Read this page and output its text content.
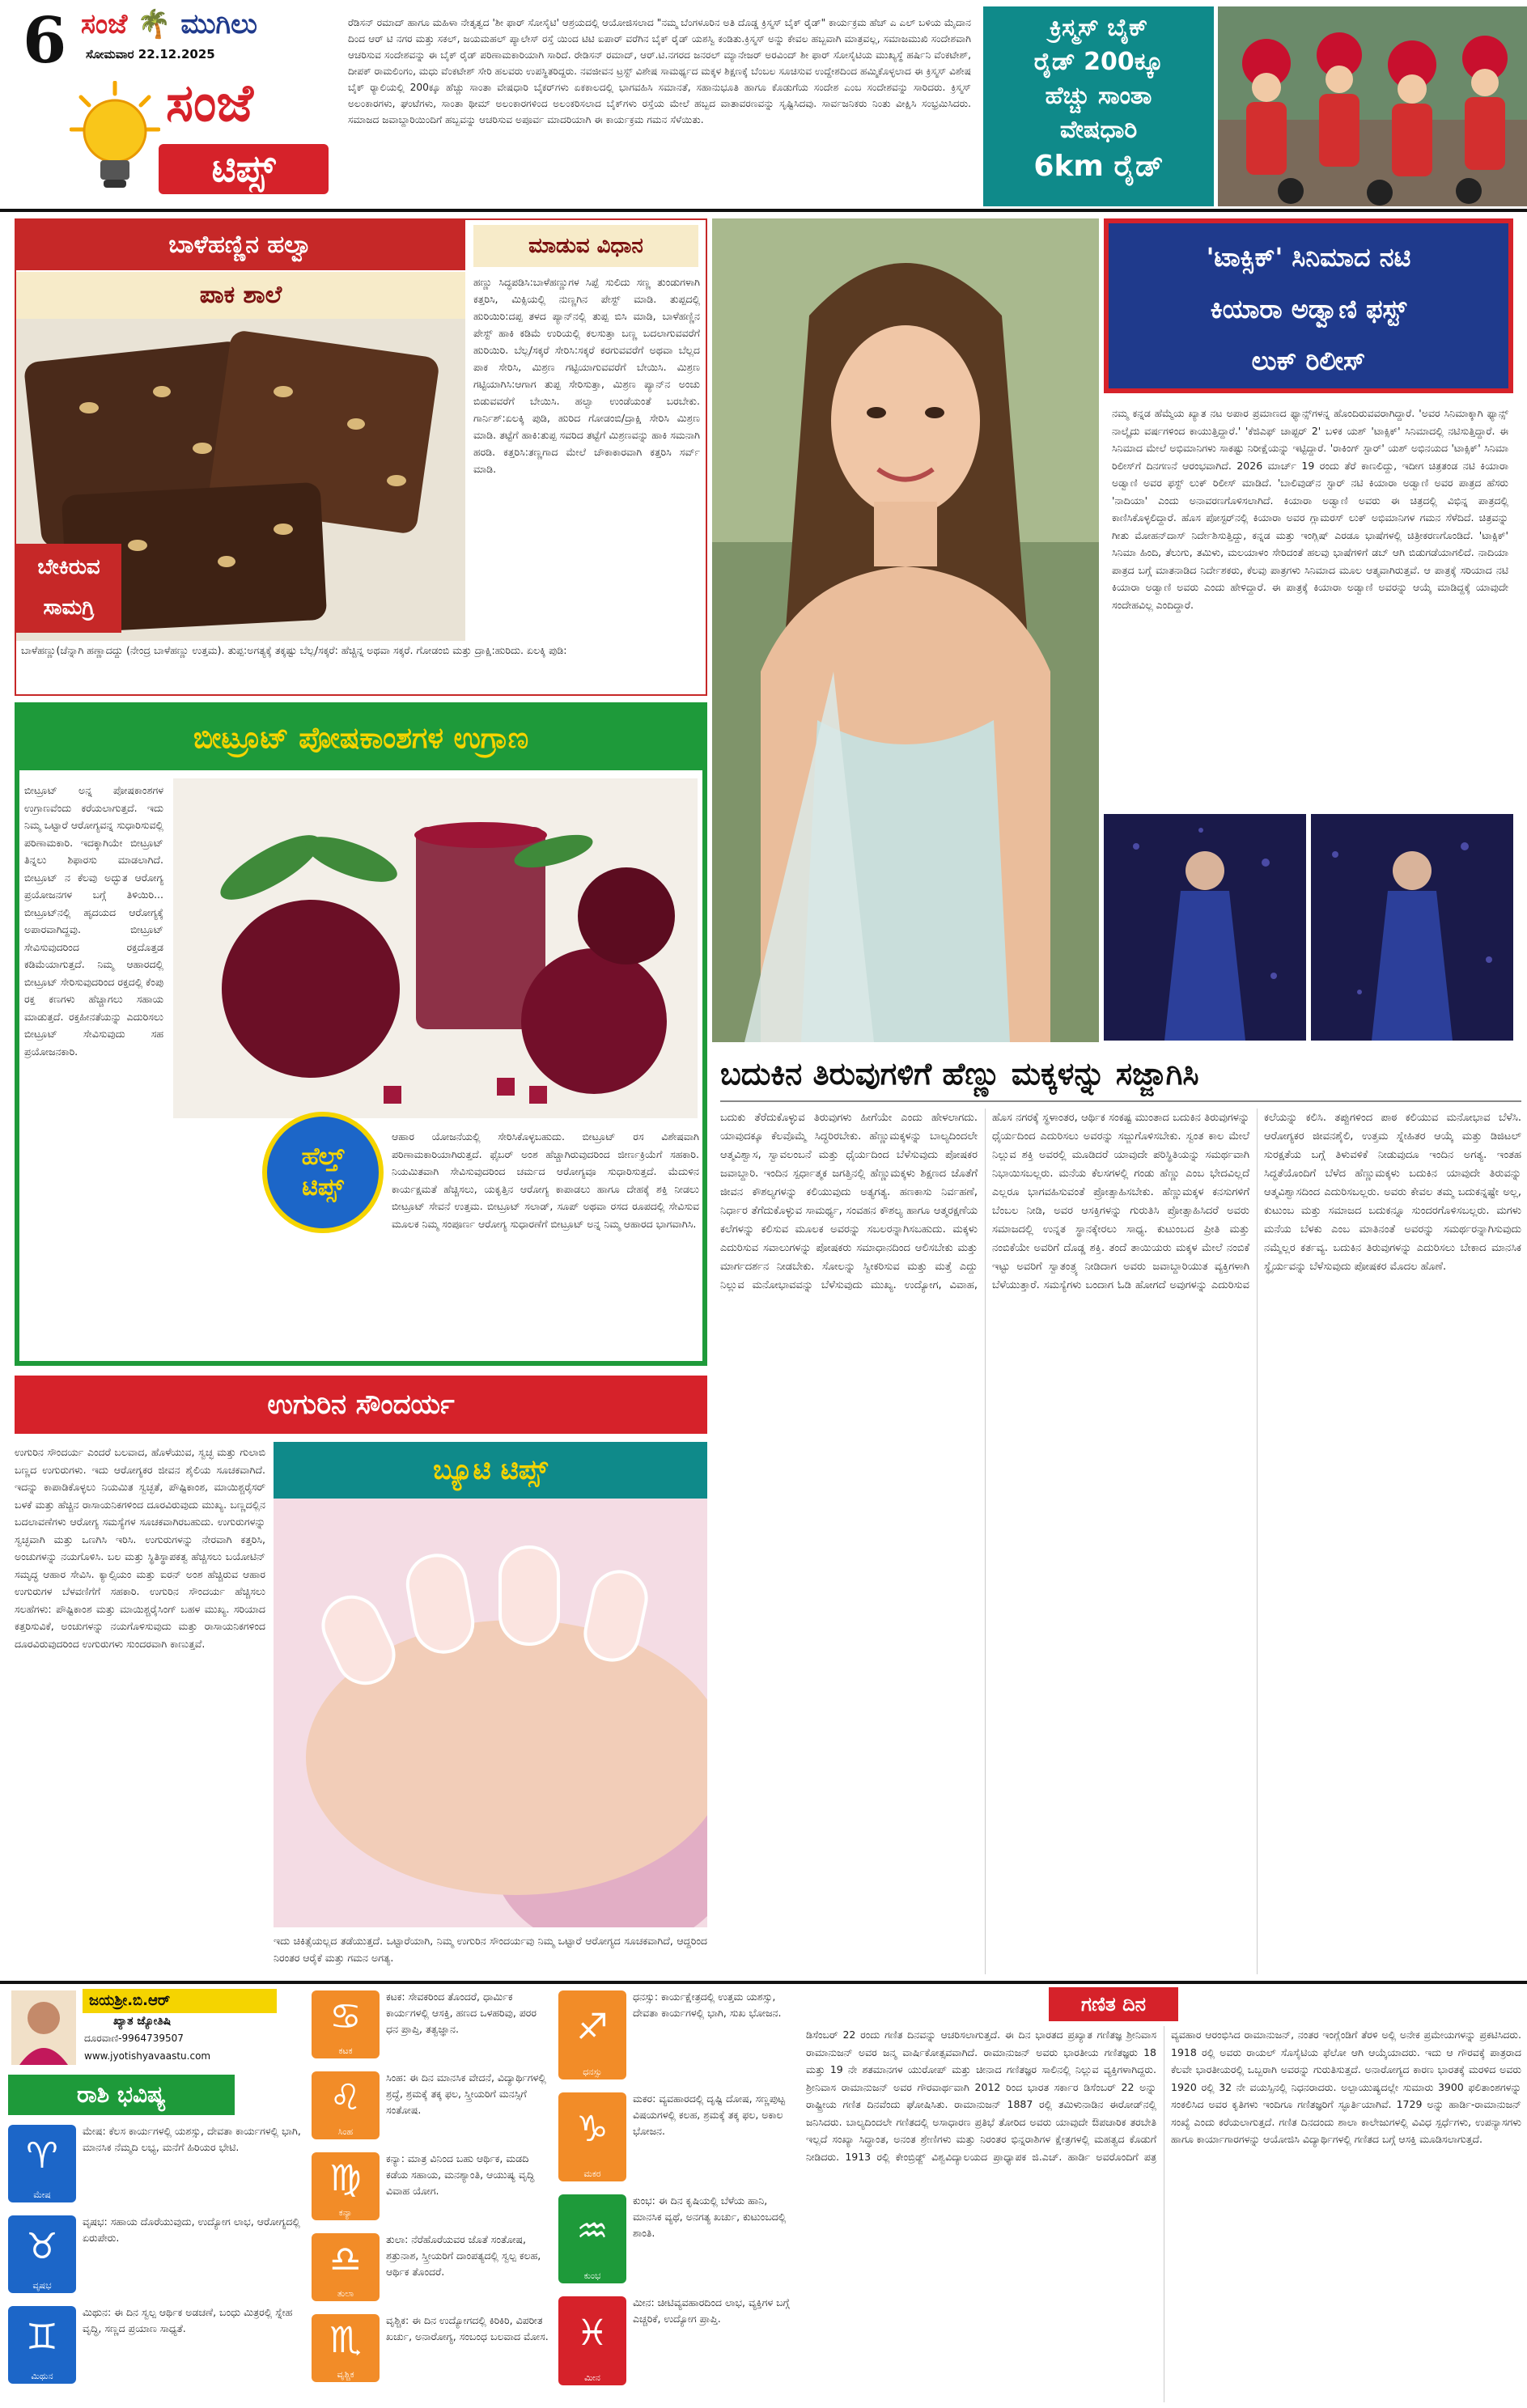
6 ಸಂಜೆ 🌴 ಮುಗಿಲು
ಸೋಮವಾರ 22.12.2025
ಸಂಜೆ
ಟಿಪ್ಸ್
ರೆಡಿಸನ್ ರಮಾದ್ ಹಾಗೂ ಮಹಿಳಾ ನೇತೃತ್ವದ 'ಶೀ ಫಾರ್ ಸೋಸೈಟಿ' ಆಶ್ರಯದಲ್ಲಿ ಆಯೋಜಿಸಲಾದ "ನಮ್ಮ ಬೆಂಗಳೂರಿನ ಅತಿ ದೊಡ್ಡ ಕ್ರಿಸ್ಮಸ್ ಬೈಕ್ ರೈಡ್" ಕಾರ್ಯಕ್ರಮ ಹೆಚ್ ಎ ಎಲ್ ಬಳಿಯ ಮೈದಾನ ದಿಂದ ಆರ್ ಟಿ ನಗರ ಮತ್ತು ಸಕಲ್, ಜಯಮಹಲ್ ಪ್ಯಾಲೇಸ್ ರಸ್ತೆ ಯಿಂದ ಟಿಟಿ ಐಪಾರ್ ವರೆಗಿನ ಬೈಕ್ ರೈಡ್ ಯಶಸ್ವಿ ಕಂಡಿತು.ಕ್ರಿಸ್ಮಸ್ ಅನ್ನು ಕೇವಲ ಹಬ್ಬವಾಗಿ ಮಾತ್ರವಲ್ಲ, ಸಮಾಜಮುಖಿ ಸಂದೇಶವಾಗಿ ಆಚರಿಸುವ ಸಂದೇಶವನ್ನು ಈ ಬೈಕ್ ರೈಡ್ ಪರಿಣಾಮಕಾರಿಯಾಗಿ ಸಾರಿದೆ. ರೇಡಿಸನ್ ರಮಾದ್, ಆರ್.ಟಿ.ನಗರದ ಜನರಲ್ ಮ್ಯಾನೇಜರ್ ಅರವಿಂದ್ ಶೀ ಫಾರ್ ಸೋಸೈಟಿಯ ಮುಖ್ಯಸ್ಥೆ ಹರ್ಷಿನಿ ವೆಂಕಟೇಶ್, ದೀಪಕ್ ರಾಮಲಿಂಗಂ, ಮಧು ವೆಂಕಟೇಶ್ ಸೇರಿ ಹಲವರು ಉಪಸ್ಥಿತರಿದ್ದರು. ನವಜೀವನ ಟ್ರಸ್ಟ್ ವಿಶೇಷ ಸಾಮರ್ಥ್ಯದ ಮಕ್ಕಳ ಶಿಕ್ಷಣಕ್ಕೆ ಬೆಂಬಲ ಸೂಚಿಸುವ ಉದ್ದೇಶದಿಂದ ಹಮ್ಮಿಕೊಳ್ಳಲಾದ ಈ ಕ್ರಿಸ್ಮಸ್ ವಿಶೇಷ ಬೈಕ್ ರ್‍ಯಾಲಿಯಲ್ಲಿ 200ಕ್ಕೂ ಹೆಚ್ಚು ಸಾಂತಾ ವೇಷಧಾರಿ ಬೈಕರ್‌ಗಳು ಏಕಕಾಲದಲ್ಲಿ ಭಾಗವಹಿಸಿ ಸಮಾನತೆ, ಸಹಾನುಭೂತಿ ಹಾಗೂ ಕೊಡುಗೆಯ ಸಂದೇಶ ಎಂಬ ಸಂದೇಶವನ್ನು ಸಾರಿದರು. ಕ್ರಿಸ್ಮಸ್ ಅಲಂಕಾರಗಳು, ಘಂಟೆಗಳು, ಸಾಂತಾ ಥೀಮ್ ಅಲಂಕಾರಗಳಿಂದ ಅಲಂಕರಿಸಲಾದ ಬೈಕ್‌ಗಳು ರಸ್ತೆಯ ಮೇಲೆ ಹಬ್ಬದ ವಾತಾವರಣವನ್ನು ಸೃಷ್ಟಿಸಿದವು. ಸಾರ್ವಜನಿಕರು ನಿಂತು ವೀಕ್ಷಿಸಿ ಸಂಭ್ರಮಿಸಿದರು. ಸಮಾಜದ ಜವಾಬ್ದಾರಿಯಿಂದಿಗೆ ಹಬ್ಬವನ್ನು ಆಚರಿಸುವ ಅಪೂರ್ವ ಮಾದರಿಯಾಗಿ ಈ ಕಾರ್ಯಕ್ರಮ ಗಮನ ಸೆಳೆಯಿತು.
ಕ್ರಿಸ್ಮಸ್ ಬೈಕ್
ರೈಡ್ 200ಕ್ಕೂ
ಹೆಚ್ಚು ಸಾಂತಾ
ವೇಷಧಾರಿ
6km ರೈಡ್
ಬಾಳೆಹಣ್ಣಿನ ಹಲ್ವಾ	ಮಾಡುವ ವಿಧಾನ
ಪಾಕ ಶಾಲೆ
ಬೇಕಿರುವ ಸಾಮಗ್ರಿ
ಬಾಳೆಹಣ್ಣು(ಚೆನ್ನಾಗಿ ಹಣ್ಣಾದದ್ದು (ನೇಂದ್ರ ಬಾಳೆಹಣ್ಣು ಉತ್ತಮ). ತುಪ್ಪ:ಅಗತ್ಯಕ್ಕೆ ತಕ್ಕಷ್ಟು ಬೆಲ್ಲ/ಸಕ್ಕರೆ: ಹೆಚ್ಚಿನ್ನ ಅಥವಾ ಸಕ್ಕರೆ. ಗೋಡಂಬಿ ಮತ್ತು ದ್ರಾಕ್ಷಿ:ಹುರಿದು. ಏಲಕ್ಕಿ ಪುಡಿ:
ಹಣ್ಣು ಸಿದ್ಧಪಡಿಸಿ:ಬಾಳೆಹಣ್ಣುಗಳ ಸಿಪ್ಪೆ ಸುಲಿದು ಸಣ್ಣ ತುಂಡುಗಳಾಗಿ ಕತ್ತರಿಸಿ, ಮಿಕ್ಸಿಯಲ್ಲಿ ನುಣ್ಣಗಿನ ಪೇಸ್ಟ್ ಮಾಡಿ. ತುಪ್ಪದಲ್ಲಿ ಹುರಿಯಿರಿ:ದಪ್ಪ ತಳದ ಪ್ಯಾನ್‌ನಲ್ಲಿ ತುಪ್ಪ ಬಿಸಿ ಮಾಡಿ, ಬಾಳೆಹಣ್ಣಿನ ಪೇಸ್ಟ್ ಹಾಕಿ ಕಡಿಮೆ ಉರಿಯಲ್ಲಿ ಕಲಸುತ್ತಾ ಬಣ್ಣ ಬದಲಾಗುವವರೆಗೆ ಹುರಿಯಿರಿ. ಬೆಲ್ಲ/ಸಕ್ಕರೆ ಸೇರಿಸಿ:ಸಕ್ಕರೆ ಕರಗುವವರೆಗೆ ಅಥವಾ ಬೆಲ್ಲದ ಪಾಕ ಸೇರಿಸಿ, ಮಿಶ್ರಣ ಗಟ್ಟಿಯಾಗುವವರೆಗೆ ಬೇಯಿಸಿ. ಮಿಶ್ರಣ ಗಟ್ಟಿಯಾಗಿಸಿ:ಆಗಾಗ ತುಪ್ಪ ಸೇರಿಸುತ್ತಾ, ಮಿಶ್ರಣ ಪ್ಯಾನ್‌ನ ಅಂಚು ಬಿಡುವವರೆಗೆ ಬೇಯಿಸಿ. ಹಲ್ವಾ ಉಂಡೆಯಂತೆ ಬರಬೇಕು. ಗಾರ್ನಿಶ್:ಏಲಕ್ಕಿ ಪುಡಿ, ಹುರಿದ ಗೋಡಂಬಿ/ದ್ರಾಕ್ಷಿ ಸೇರಿಸಿ ಮಿಶ್ರಣ ಮಾಡಿ. ತಟ್ಟೆಗೆ ಹಾಕಿ:ತುಪ್ಪ ಸವರಿದ ತಟ್ಟೆಗೆ ಮಿಶ್ರಣವನ್ನು ಹಾಕಿ ಸಮನಾಗಿ ಹರಡಿ. ಕತ್ತರಿಸಿ:ತಣ್ಣಗಾದ ಮೇಲೆ ಚೌಕಾಕಾರವಾಗಿ ಕತ್ತರಿಸಿ ಸರ್ವ್ ಮಾಡಿ.
ಬೀಟ್ರೂಟ್ ಪೋಷಕಾಂಶಗಳ ಉಗ್ರಾಣ
ಬೀಟ್ರೂಟ್ ಅನ್ನ ಪೋಷಕಾಂಶಗಳ ಉಗ್ರಾಣವೆಂದು ಕರೆಯಲಾಗುತ್ತದೆ. ಇದು ನಿಮ್ಮ ಒಟ್ಟಾರೆ ಆರೋಗ್ಯವನ್ನ ಸುಧಾರಿಸುವಲ್ಲಿ ಪರಿಣಾಮಕಾರಿ. ಇದಕ್ಕಾಗಿಯೇ ಬೀಟ್ರೂಟ್ ತಿನ್ನಲು ಶಿಫಾರಸು ಮಾಡಲಾಗಿದೆ. ಬೀಟ್ರೂಟ್ ನ ಕೆಲವು ಅದ್ಭುತ ಆರೋಗ್ಯ ಪ್ರಯೋಜನಗಳ ಬಗ್ಗೆ ತಿಳಿಯಿರಿ... ಬೀಟ್ರೂಟ್‌ನಲ್ಲಿ ಹೃದಯದ ಆರೋಗ್ಯಕ್ಕೆ ಅಪಾರವಾಗಿದ್ದವು. ಬೀಟ್ರೂಟ್ ಸೇವಿಸುವುದರಿಂದ ರಕ್ತದೊತ್ತಡ ಕಡಿಮೆಯಾಗುತ್ತದೆ. ನಿಮ್ಮ ಆಹಾರದಲ್ಲಿ ಬೀಟ್ರೂಟ್ ಸೇರಿಸುವುದರಿಂದ ರಕ್ತದಲ್ಲಿ ಕೆಂಪು ರಕ್ತ ಕಣಗಳು ಹೆಚ್ಚಾಗಲು ಸಹಾಯ ಮಾಡುತ್ತದೆ. ರಕ್ತಹೀನತೆಯನ್ನು ಎದುರಿಸಲು ಬೀಟ್ರೂಟ್ ಸೇವಿಸುವುದು ಸಹ ಪ್ರಯೋಜನಕಾರಿ.
ಹೆಲ್ತ್ ಟಿಪ್ಸ್
ಆಹಾರ ಯೋಜನೆಯಲ್ಲಿ ಸೇರಿಸಿಕೊಳ್ಳಬಹುದು. ಬೀಟ್ರೂಟ್ ರಸ ವಿಶೇಷವಾಗಿ ಪರಿಣಾಮಕಾರಿಯಾಗಿರುತ್ತದೆ. ಫೈಬರ್ ಅಂಶ ಹೆಚ್ಚಾಗಿರುವುದರಿಂದ ಜೀರ್ಣಕ್ರಿಯೆಗೆ ಸಹಕಾರಿ. ನಿಯಮಿತವಾಗಿ ಸೇವಿಸುವುದರಿಂದ ಚರ್ಮದ ಆರೋಗ್ಯವೂ ಸುಧಾರಿಸುತ್ತದೆ. ಮೆದುಳಿನ ಕಾರ್ಯಕ್ಷಮತೆ ಹೆಚ್ಚಿಸಲು, ಯಕೃತ್ತಿನ ಆರೋಗ್ಯ ಕಾಪಾಡಲು ಹಾಗೂ ದೇಹಕ್ಕೆ ಶಕ್ತಿ ನೀಡಲು ಬೀಟ್ರೂಟ್ ಸೇವನೆ ಉತ್ತಮ. ಬೀಟ್ರೂಟ್ ಸಲಾಡ್, ಸೂಪ್ ಅಥವಾ ರಸದ ರೂಪದಲ್ಲಿ ಸೇವಿಸುವ ಮೂಲಕ ನಿಮ್ಮ ಸಂಪೂರ್ಣ ಆರೋಗ್ಯ ಸುಧಾರಣೆಗೆ ಬೀಟ್ರೂಟ್ ಅನ್ನ ನಿಮ್ಮ ಆಹಾರದ ಭಾಗವಾಗಿಸಿ.
ಉಗುರಿನ ಸೌಂದರ್ಯ
ಉಗುರಿನ ಸೌಂದರ್ಯ ಎಂದರೆ ಬಲವಾದ, ಹೊಳೆಯುವ, ಸ್ವಚ್ಛ ಮತ್ತು ಗುಲಾಬಿ ಬಣ್ಣದ ಉಗುರುಗಳು. ಇದು ಆರೋಗ್ಯಕರ ಜೀವನ ಶೈಲಿಯ ಸೂಚಕವಾಗಿದೆ. ಇದನ್ನು ಕಾಪಾಡಿಕೊಳ್ಳಲು ನಿಯಮಿತ ಸ್ವಚ್ಛತೆ, ಪೌಷ್ಟಿಕಾಂಶ, ಮಾಯಿಶ್ಚರೈಸರ್ ಬಳಕೆ ಮತ್ತು ಹೆಚ್ಚಿನ ರಾಸಾಯನಿಕಗಳಿಂದ ದೂರವಿರುವುದು ಮುಖ್ಯ. ಬಣ್ಣದಲ್ಲಿನ ಬದಲಾವಣೆಗಳು ಆರೋಗ್ಯ ಸಮಸ್ಯೆಗಳ ಸೂಚಕವಾಗಿರಬಹುದು. ಉಗುರುಗಳನ್ನು ಸ್ವಚ್ಛವಾಗಿ ಮತ್ತು ಒಣಗಿಸಿ ಇರಿಸಿ. ಉಗುರುಗಳನ್ನು ನೇರವಾಗಿ ಕತ್ತರಿಸಿ, ಅಂಚುಗಳನ್ನು ನಯಗೊಳಿಸಿ. ಬಲ ಮತ್ತು ಸ್ಥಿತಿಸ್ಥಾಪಕತ್ವ ಹೆಚ್ಚಿಸಲು ಬಯೋಟಿನ್ ಸಮೃದ್ಧ ಆಹಾರ ಸೇವಿಸಿ. ಕ್ಯಾಲ್ಸಿಯಂ ಮತ್ತು ಐರನ್ ಅಂಶ ಹೆಚ್ಚಿರುವ ಆಹಾರ ಉಗುರುಗಳ ಬೆಳವಣಿಗೆಗೆ ಸಹಕಾರಿ. ಉಗುರಿನ ಸೌಂದರ್ಯ ಹೆಚ್ಚಿಸಲು ಸಲಹೆಗಳು: ಪೌಷ್ಟಿಕಾಂಶ ಮತ್ತು ಮಾಯಿಶ್ಚರೈಸಿಂಗ್ ಬಹಳ ಮುಖ್ಯ. ಸರಿಯಾದ ಕತ್ತರಿಸುವಿಕೆ, ಅಂಚುಗಳನ್ನು ನಯಗೊಳಿಸುವುದು ಮತ್ತು ರಾಸಾಯನಿಕಗಳಿಂದ ದೂರವಿರುವುದರಿಂದ ಉಗುರುಗಳು ಸುಂದರವಾಗಿ ಕಾಣುತ್ತವೆ.
ಬ್ಯೂಟಿ ಟಿಪ್ಸ್
ಇದು ಚಿಕಿತ್ಸೆಯಲ್ಲದ ತಡೆಯುತ್ತದೆ. ಒಟ್ಟಾರೆಯಾಗಿ, ನಿಮ್ಮ ಉಗುರಿನ ಸೌಂದರ್ಯವು ನಿಮ್ಮ ಒಟ್ಟಾರೆ ಆರೋಗ್ಯದ ಸೂಚಕವಾಗಿದೆ, ಆದ್ದರಿಂದ ನಿರಂತರ ಆರೈಕೆ ಮತ್ತು ಗಮನ ಅಗತ್ಯ.
'ಟಾಕ್ಸಿಕ್' ಸಿನಿಮಾದ ನಟಿ
ಕಿಯಾರಾ ಅಡ್ವಾಣಿ ಫಸ್ಟ್
ಲುಕ್ ರಿಲೀಸ್
ನಮ್ಮ ಕನ್ನಡ ಹೆಮ್ಮೆಯ ಖ್ಯಾತ ನಟ ಅಪಾರ ಪ್ರಮಾಣದ ಫ್ಯಾನ್ಸ್‌ಗಳನ್ನ ಹೊಂದಿರುವವರಾಗಿದ್ದಾರೆ. 'ಅವರ ಸಿನಿಮಾಕ್ಕಾಗಿ ಫ್ಯಾನ್ಸ್ ನಾಲ್ಕೈದು ವರ್ಷಗಳಿಂದ ಕಾಯುತ್ತಿದ್ದಾರೆ.' 'ಕೆಜಿಎಫ್ ಚಾಪ್ಟರ್ 2' ಬಳಿಕ ಯಶ್ 'ಟಾಕ್ಸಿಕ್' ಸಿನಿಮಾದಲ್ಲಿ ನಟಿಸುತ್ತಿದ್ದಾರೆ. ಈ ಸಿನಿಮಾದ ಮೇಲೆ ಅಭಿಮಾನಿಗಳು ಸಾಕಷ್ಟು ನಿರೀಕ್ಷೆಯನ್ನು ಇಟ್ಟಿದ್ದಾರೆ. 'ರಾಕಿಂಗ್ ಸ್ಟಾರ್' ಯಶ್ ಅಭಿನಯದ 'ಟಾಕ್ಸಿಕ್' ಸಿನಿಮಾ ರಿಲೀಸ್‌ಗೆ ದಿನಗಣನೆ ಆರಂಭವಾಗಿದೆ. 2026 ಮಾರ್ಚ್ 19 ರಂದು ತೆರೆ ಕಾಣಲಿದ್ದು, ಇದೀಗ ಚಿತ್ರತಂಡ ನಟಿ ಕಿಯಾರಾ ಅಡ್ವಾಣಿ ಅವರ ಫಸ್ಟ್ ಲುಕ್ ರಿಲೀಸ್ ಮಾಡಿದೆ. 'ಬಾಲಿವುಡ್‌ನ ಸ್ಟಾರ್ ನಟಿ ಕಿಯಾರಾ ಅಡ್ವಾಣಿ ಅವರ ಪಾತ್ರದ ಹೆಸರು 'ನಾದಿಯಾ' ಎಂದು ಅನಾವರಣಗೊಳಿಸಲಾಗಿದೆ. ಕಿಯಾರಾ ಅಡ್ವಾಣಿ ಅವರು ಈ ಚಿತ್ರದಲ್ಲಿ ವಿಭಿನ್ನ ಪಾತ್ರದಲ್ಲಿ ಕಾಣಿಸಿಕೊಳ್ಳಲಿದ್ದಾರೆ. ಹೊಸ ಪೋಸ್ಟರ್‌ನಲ್ಲಿ ಕಿಯಾರಾ ಅವರ ಗ್ಲಾಮರಸ್ ಲುಕ್ ಅಭಿಮಾನಿಗಳ ಗಮನ ಸೆಳೆದಿದೆ. ಚಿತ್ರವನ್ನು ಗೀತು ಮೋಹನ್‌ದಾಸ್ ನಿರ್ದೇಶಿಸುತ್ತಿದ್ದು, ಕನ್ನಡ ಮತ್ತು ಇಂಗ್ಲಿಷ್ ಎರಡೂ ಭಾಷೆಗಳಲ್ಲಿ ಚಿತ್ರೀಕರಣಗೊಂಡಿದೆ. 'ಟಾಕ್ಸಿಕ್' ಸಿನಿಮಾ ಹಿಂದಿ, ತೆಲುಗು, ತಮಿಳು, ಮಲಯಾಳಂ ಸೇರಿದಂತೆ ಹಲವು ಭಾಷೆಗಳಿಗೆ ಡಬ್ ಆಗಿ ಬಿಡುಗಡೆಯಾಗಲಿದೆ. ನಾದಿಯಾ ಪಾತ್ರದ ಬಗ್ಗೆ ಮಾತನಾಡಿದ ನಿರ್ದೇಶಕರು, ಕೆಲವು ಪಾತ್ರಗಳು ಸಿನಿಮಾದ ಮೂಲ ಆತ್ಮವಾಗಿರುತ್ತವೆ. ಆ ಪಾತ್ರಕ್ಕೆ ಸರಿಯಾದ ನಟಿ ಕಿಯಾರಾ ಅಡ್ವಾಣಿ ಅವರು ಎಂದು ಹೇಳಿದ್ದಾರೆ. ಈ ಪಾತ್ರಕ್ಕೆ ಕಿಯಾರಾ ಅಡ್ವಾಣಿ ಅವರನ್ನು ಆಯ್ಕೆ ಮಾಡಿದ್ದಕ್ಕೆ ಯಾವುದೇ ಸಂದೇಹವಿಲ್ಲ ಎಂದಿದ್ದಾರೆ.
ಬದುಕಿನ ತಿರುವುಗಳಿಗೆ ಹೆಣ್ಣು ಮಕ್ಕಳನ್ನು ಸಜ್ಜಾಗಿಸಿ
ಬದುಕು ತೆರೆದುಕೊಳ್ಳುವ ತಿರುವುಗಳು ಹೀಗೆಯೇ ಎಂದು ಹೇಳಲಾಗದು. ಯಾವುದಕ್ಕೂ ಕೆಲವೊಮ್ಮೆ ಸಿದ್ಧರಿರಬೇಕು. ಹೆಣ್ಣುಮಕ್ಕಳನ್ನು ಬಾಲ್ಯದಿಂದಲೇ ಆತ್ಮವಿಶ್ವಾಸ, ಸ್ವಾವಲಂಬನೆ ಮತ್ತು ಧೈರ್ಯದಿಂದ ಬೆಳೆಸುವುದು ಪೋಷಕರ ಜವಾಬ್ದಾರಿ. ಇಂದಿನ ಸ್ಪರ್ಧಾತ್ಮಕ ಜಗತ್ತಿನಲ್ಲಿ ಹೆಣ್ಣುಮಕ್ಕಳು ಶಿಕ್ಷಣದ ಜೊತೆಗೆ ಜೀವನ ಕೌಶಲ್ಯಗಳನ್ನು ಕಲಿಯುವುದು ಅತ್ಯಗತ್ಯ. ಹಣಕಾಸು ನಿರ್ವಹಣೆ, ನಿರ್ಧಾರ ತೆಗೆದುಕೊಳ್ಳುವ ಸಾಮರ್ಥ್ಯ, ಸಂವಹನ ಕೌಶಲ್ಯ ಹಾಗೂ ಆತ್ಮರಕ್ಷಣೆಯ ಕಲೆಗಳನ್ನು ಕಲಿಸುವ ಮೂಲಕ ಅವರನ್ನು ಸಬಲರನ್ನಾಗಿಸಬಹುದು. ಮಕ್ಕಳು ಎದುರಿಸುವ ಸವಾಲುಗಳನ್ನು ಪೋಷಕರು ಸಮಾಧಾನದಿಂದ ಆಲಿಸಬೇಕು ಮತ್ತು ಮಾರ್ಗದರ್ಶನ ನೀಡಬೇಕು. ಸೋಲನ್ನು ಸ್ವೀಕರಿಸುವ ಮತ್ತು ಮತ್ತೆ ಎದ್ದು ನಿಲ್ಲುವ ಮನೋಭಾವವನ್ನು ಬೆಳೆಸುವುದು ಮುಖ್ಯ. ಉದ್ಯೋಗ, ವಿವಾಹ, ಹೊಸ ನಗರಕ್ಕೆ ಸ್ಥಳಾಂತರ, ಆರ್ಥಿಕ ಸಂಕಷ್ಟ ಮುಂತಾದ ಬದುಕಿನ ತಿರುವುಗಳನ್ನು ಧೈರ್ಯದಿಂದ ಎದುರಿಸಲು ಅವರನ್ನು ಸಜ್ಜುಗೊಳಿಸಬೇಕು. ಸ್ವಂತ ಕಾಲ ಮೇಲೆ ನಿಲ್ಲುವ ಶಕ್ತಿ ಅವರಲ್ಲಿ ಮೂಡಿದರೆ ಯಾವುದೇ ಪರಿಸ್ಥಿತಿಯನ್ನು ಸಮರ್ಥವಾಗಿ ನಿಭಾಯಿಸಬಲ್ಲರು. ಮನೆಯ ಕೆಲಸಗಳಲ್ಲಿ ಗಂಡು ಹೆಣ್ಣು ಎಂಬ ಭೇದವಿಲ್ಲದೆ ಎಲ್ಲರೂ ಭಾಗವಹಿಸುವಂತೆ ಪ್ರೋತ್ಸಾಹಿಸಬೇಕು. ಹೆಣ್ಣುಮಕ್ಕಳ ಕನಸುಗಳಿಗೆ ಬೆಂಬಲ ನೀಡಿ, ಅವರ ಆಸಕ್ತಿಗಳನ್ನು ಗುರುತಿಸಿ ಪ್ರೋತ್ಸಾಹಿಸಿದರೆ ಅವರು ಸಮಾಜದಲ್ಲಿ ಉನ್ನತ ಸ್ಥಾನಕ್ಕೇರಲು ಸಾಧ್ಯ. ಕುಟುಂಬದ ಪ್ರೀತಿ ಮತ್ತು ನಂಬಿಕೆಯೇ ಅವರಿಗೆ ದೊಡ್ಡ ಶಕ್ತಿ. ತಂದೆ ತಾಯಿಯರು ಮಕ್ಕಳ ಮೇಲೆ ನಂಬಿಕೆ ಇಟ್ಟು ಅವರಿಗೆ ಸ್ವಾತಂತ್ರ್ಯ ನೀಡಿದಾಗ ಅವರು ಜವಾಬ್ದಾರಿಯುತ ವ್ಯಕ್ತಿಗಳಾಗಿ ಬೆಳೆಯುತ್ತಾರೆ. ಸಮಸ್ಯೆಗಳು ಬಂದಾಗ ಓಡಿ ಹೋಗದೆ ಅವುಗಳನ್ನು ಎದುರಿಸುವ ಕಲೆಯನ್ನು ಕಲಿಸಿ. ತಪ್ಪುಗಳಿಂದ ಪಾಠ ಕಲಿಯುವ ಮನೋಭಾವ ಬೆಳೆಸಿ. ಆರೋಗ್ಯಕರ ಜೀವನಶೈಲಿ, ಉತ್ತಮ ಸ್ನೇಹಿತರ ಆಯ್ಕೆ ಮತ್ತು ಡಿಜಿಟಲ್ ಸುರಕ್ಷತೆಯ ಬಗ್ಗೆ ತಿಳುವಳಿಕೆ ನೀಡುವುದೂ ಇಂದಿನ ಅಗತ್ಯ. ಇಂತಹ ಸಿದ್ಧತೆಯೊಂದಿಗೆ ಬೆಳೆದ ಹೆಣ್ಣುಮಕ್ಕಳು ಬದುಕಿನ ಯಾವುದೇ ತಿರುವನ್ನು ಆತ್ಮವಿಶ್ವಾಸದಿಂದ ಎದುರಿಸಬಲ್ಲರು. ಅವರು ಕೇವಲ ತಮ್ಮ ಬದುಕನ್ನಷ್ಟೇ ಅಲ್ಲ, ಕುಟುಂಬ ಮತ್ತು ಸಮಾಜದ ಬದುಕನ್ನೂ ಸುಂದರಗೊಳಿಸಬಲ್ಲರು. ಮಗಳು ಮನೆಯ ಬೆಳಕು ಎಂಬ ಮಾತಿನಂತೆ ಅವರನ್ನು ಸಮರ್ಥರನ್ನಾಗಿಸುವುದು ನಮ್ಮೆಲ್ಲರ ಕರ್ತವ್ಯ. ಬದುಕಿನ ತಿರುವುಗಳನ್ನು ಎದುರಿಸಲು ಬೇಕಾದ ಮಾನಸಿಕ ಸ್ಥೈರ್ಯವನ್ನು ಬೆಳೆಸುವುದು ಪೋಷಕರ ಮೊದಲ ಹೊಣೆ.
ಜಯಶ್ರೀ.ಬಿ.ಆರ್
ಖ್ಯಾತ ಜ್ಯೋತಿಷಿ
ದೂರವಾಣಿ-9964739507
www.jyotishyavaastu.com
ರಾಶಿ ಭವಿಷ್ಯ
♈
ಮೇಷ
ಮೇಷ: ಕೆಲಸ ಕಾರ್ಯಗಳಲ್ಲಿ ಯಶಸ್ಸು, ದೇವತಾ ಕಾರ್ಯಗಳಲ್ಲಿ ಭಾಗಿ, ಮಾನಸಿಕ ನೆಮ್ಮದಿ ಲಭ್ಯ, ಮನೆಗೆ ಹಿರಿಯರ ಭೇಟಿ.
♉
ವೃಷಭ
ವೃಷಭ: ಸಹಾಯ ದೊರೆಯುವುದು, ಉದ್ಯೋಗ ಲಾಭ, ಆರೋಗ್ಯದಲ್ಲಿ ಏರುಪೇರು.
♊
ಮಿಥುನ
ಮಿಥುನ: ಈ ದಿನ ಸ್ವಲ್ಪ ಆರ್ಥಿಕ ಅಡಚಣೆ, ಬಂಧು ಮಿತ್ರರಲ್ಲಿ ಸ್ನೇಹ ವೃದ್ಧಿ, ಸಣ್ಣದ ಪ್ರಯಾಣ ಸಾಧ್ಯತೆ.
♋
ಕಟಕ
ಕಟಕ: ಸೇವಕರಿಂದ ತೊಂದರೆ, ಧಾರ್ಮಿಕ ಕಾರ್ಯಗಳಲ್ಲಿ ಆಸಕ್ತಿ, ಹಣದ ಒಳಹರಿವು, ಪರರ ಧನ ಪ್ರಾಪ್ತಿ, ತತ್ವಜ್ಞಾನ.
♌
ಸಿಂಹ
ಸಿಂಹ: ಈ ದಿನ ಮಾನಸಿಕ ವೇದನೆ, ವಿದ್ಯಾರ್ಥಿಗಳಲ್ಲಿ ಶ್ರದ್ಧೆ, ಶ್ರಮಕ್ಕೆ ತಕ್ಕ ಫಲ, ಸ್ತ್ರೀಯರಿಗೆ ಮನಸ್ಸಿಗೆ ಸಂತೋಷ.
♍
ಕನ್ಯಾ
ಕನ್ಯಾ: ಮಾತ್ರ ವಿನಿಂದ ಬಹು ಆರ್ಥಿಕ, ಮಡದಿ ಕಡೆಯ ಸಹಾಯ, ಮನಶ್ಯಾಂತಿ, ಆಯುಷ್ಯ ವೃದ್ಧಿ ವಿವಾಹ ಯೋಗ.
♎
ತುಲಾ
ತುಲಾ: ನೆರೆಹೊರೆಯವರ ಜೊತೆ ಸಂತೋಷ, ಶತ್ರುನಾಶ, ಸ್ತ್ರೀಯರಿಗೆ ದಾಂಪತ್ಯದಲ್ಲಿ ಸ್ವಲ್ಪ ಕಲಹ, ಆರ್ಥಿಕ ತೊಂದರೆ.
♏
ವೃಶ್ಚಿಕ
ವೃಶ್ಚಿಕ: ಈ ದಿನ ಉದ್ಯೋಗದಲ್ಲಿ ಕಿರಿಕಿರಿ, ವಿಪರೀತ ಖರ್ಚು, ಅನಾರೋಗ್ಯ, ಸಂಬಂಧ ಬಲವಾದ ಮೋಸ.
♐
ಧನಸ್ಸು
ಧನಸ್ಸು: ಕಾರ್ಯಕ್ಷೇತ್ರದಲ್ಲಿ ಉತ್ತಮ ಯಶಸ್ಸು, ದೇವತಾ ಕಾರ್ಯಗಳಲ್ಲಿ ಭಾಗಿ, ಸುಖ ಭೋಜನ.
♑
ಮಕರ
ಮಕರ: ವ್ಯವಹಾರದಲ್ಲಿ ದೃಷ್ಟಿ ದೋಷ, ಸಣ್ಣಪುಟ್ಟ ವಿಷಯಗಳಲ್ಲಿ ಕಲಹ, ಶ್ರಮಕ್ಕೆ ತಕ್ಕ ಫಲ, ಅಕಾಲ ಭೋಜನ.
♒
ಕುಂಭ
ಕುಂಭ: ಈ ದಿನ ಕೃಷಿಯಲ್ಲಿ ಬೆಳೆಯ ಹಾನಿ, ಮಾನಸಿಕ ವ್ಯಥೆ, ಅನಗತ್ಯ ಖರ್ಚು, ಕುಟುಂಬದಲ್ಲಿ ಶಾಂತಿ.
♓
ಮೀನ
ಮೀನ: ಚೀಟಿವ್ಯವಹಾರದಿಂದ ಲಾಭ, ವ್ಯಕ್ತಿಗಳ ಬಗ್ಗೆ ಎಚ್ಚರಿಕೆ, ಉದ್ಯೋಗ ಪ್ರಾಪ್ತಿ.
ಗಣಿತ ದಿನ
ಡಿಸೆಂಬರ್ 22 ರಂದು ಗಣಿತ ದಿನವನ್ನು ಆಚರಿಸಲಾಗುತ್ತದೆ. ಈ ದಿನ ಭಾರತದ ಪ್ರಖ್ಯಾತ ಗಣಿತಜ್ಞ ಶ್ರೀನಿವಾಸ ರಾಮಾನುಜನ್ ಅವರ ಜನ್ಮ ವಾರ್ಷಿಕೋತ್ಸವವಾಗಿದೆ. ರಾಮಾನುಜನ್ ಅವರು ಭಾರತೀಯ ಗಣಿತಜ್ಞರು 18 ಮತ್ತು 19 ನೇ ಶತಮಾನಗಳ ಯುರೋಪ್ ಮತ್ತು ಚೀನಾದ ಗಣಿತಜ್ಞರ ಸಾಲಿನಲ್ಲಿ ನಿಲ್ಲುವ ವ್ಯಕ್ತಿಗಳಾಗಿದ್ದರು. ಶ್ರೀನಿವಾಸ ರಾಮಾನುಜನ್ ಅವರ ಗೌರವಾರ್ಥವಾಗಿ 2012 ರಿಂದ ಭಾರತ ಸರ್ಕಾರ ಡಿಸೆಂಬರ್ 22 ಅನ್ನು ರಾಷ್ಟ್ರೀಯ ಗಣಿತ ದಿನವೆಂದು ಘೋಷಿಸಿತು. ರಾಮಾನುಜನ್ 1887 ರಲ್ಲಿ ತಮಿಳುನಾಡಿನ ಈರೋಡ್‌ನಲ್ಲಿ ಜನಿಸಿದರು. ಬಾಲ್ಯದಿಂದಲೇ ಗಣಿತದಲ್ಲಿ ಅಸಾಧಾರಣ ಪ್ರತಿಭೆ ತೋರಿದ ಅವರು ಯಾವುದೇ ಔಪಚಾರಿಕ ತರಬೇತಿ ಇಲ್ಲದೆ ಸಂಖ್ಯಾ ಸಿದ್ಧಾಂತ, ಅನಂತ ಶ್ರೇಣಿಗಳು ಮತ್ತು ನಿರಂತರ ಭಿನ್ನರಾಶಿಗಳ ಕ್ಷೇತ್ರಗಳಲ್ಲಿ ಮಹತ್ವದ ಕೊಡುಗೆ ನೀಡಿದರು. 1913 ರಲ್ಲಿ ಕೇಂಬ್ರಿಡ್ಜ್ ವಿಶ್ವವಿದ್ಯಾಲಯದ ಪ್ರಾಧ್ಯಾಪಕ ಜಿ.ಎಚ್. ಹಾರ್ಡಿ ಅವರೊಂದಿಗೆ ಪತ್ರ ವ್ಯವಹಾರ ಆರಂಭಿಸಿದ ರಾಮಾನುಜನ್, ನಂತರ ಇಂಗ್ಲೆಂಡಿಗೆ ತೆರಳಿ ಅಲ್ಲಿ ಅನೇಕ ಪ್ರಮೇಯಗಳನ್ನು ಪ್ರಕಟಿಸಿದರು. 1918 ರಲ್ಲಿ ಅವರು ರಾಯಲ್ ಸೊಸೈಟಿಯ ಫೆಲೋ ಆಗಿ ಆಯ್ಕೆಯಾದರು. ಇದು ಆ ಗೌರವಕ್ಕೆ ಪಾತ್ರರಾದ ಕೆಲವೇ ಭಾರತೀಯರಲ್ಲಿ ಒಬ್ಬರಾಗಿ ಅವರನ್ನು ಗುರುತಿಸುತ್ತದೆ. ಅನಾರೋಗ್ಯದ ಕಾರಣ ಭಾರತಕ್ಕೆ ಮರಳಿದ ಅವರು 1920 ರಲ್ಲಿ 32 ನೇ ವಯಸ್ಸಿನಲ್ಲಿ ನಿಧನರಾದರು. ಅಲ್ಪಾಯುಷ್ಯದಲ್ಲೇ ಸುಮಾರು 3900 ಫಲಿತಾಂಶಗಳನ್ನು ಸಂಕಲಿಸಿದ ಅವರ ಕೃತಿಗಳು ಇಂದಿಗೂ ಗಣಿತಜ್ಞರಿಗೆ ಸ್ಫೂರ್ತಿಯಾಗಿವೆ. 1729 ಅನ್ನು ಹಾರ್ಡಿ-ರಾಮಾನುಜನ್ ಸಂಖ್ಯೆ ಎಂದು ಕರೆಯಲಾಗುತ್ತದೆ. ಗಣಿತ ದಿನದಂದು ಶಾಲಾ ಕಾಲೇಜುಗಳಲ್ಲಿ ವಿವಿಧ ಸ್ಪರ್ಧೆಗಳು, ಉಪನ್ಯಾಸಗಳು ಹಾಗೂ ಕಾರ್ಯಾಗಾರಗಳನ್ನು ಆಯೋಜಿಸಿ ವಿದ್ಯಾರ್ಥಿಗಳಲ್ಲಿ ಗಣಿತದ ಬಗ್ಗೆ ಆಸಕ್ತಿ ಮೂಡಿಸಲಾಗುತ್ತದೆ.
